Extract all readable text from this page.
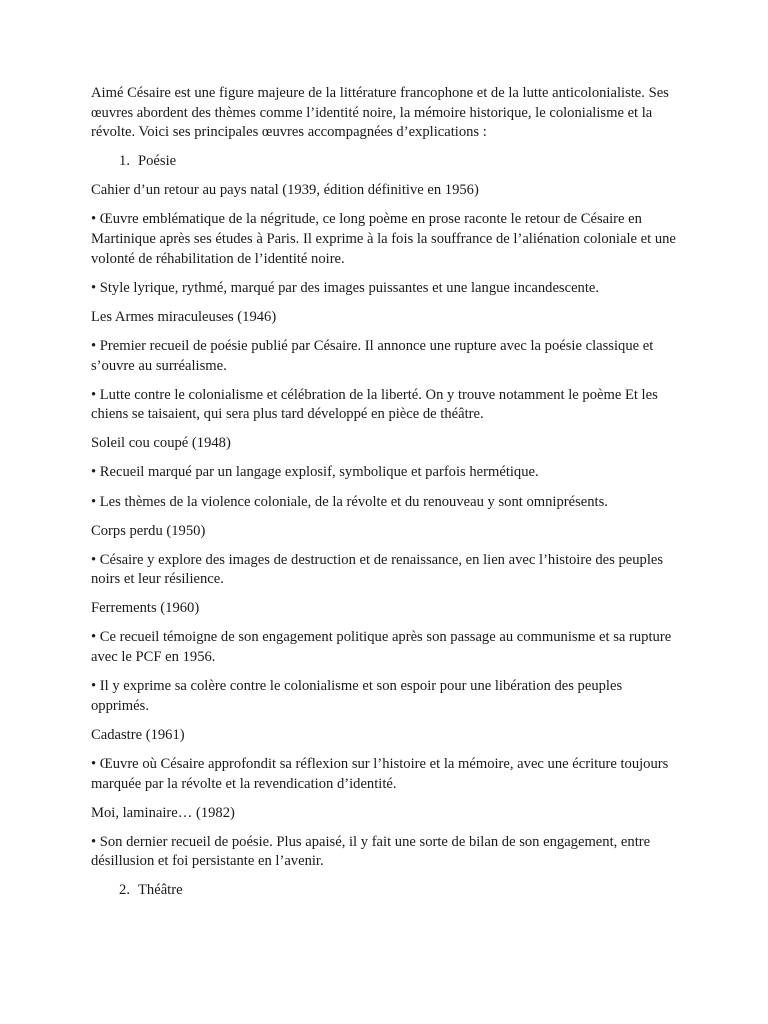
Aimé Césaire est une figure majeure de la littérature francophone et de la lutte anticolonialiste. Ses œuvres abordent des thèmes comme l’identité noire, la mémoire historique, le colonialisme et la révolte. Voici ses principales œuvres accompagnées d’explications :

1. Poésie

Cahier d’un retour au pays natal (1939, édition définitive en 1956)

• Œuvre emblématique de la négritude, ce long poème en prose raconte le retour de Césaire en Martinique après ses études à Paris. Il exprime à la fois la souffrance de l’aliénation coloniale et une volonté de réhabilitation de l’identité noire.

• Style lyrique, rythmé, marqué par des images puissantes et une langue incandescente.

Les Armes miraculeuses (1946)

• Premier recueil de poésie publié par Césaire. Il annonce une rupture avec la poésie classique et s’ouvre au surréalisme.

• Lutte contre le colonialisme et célébration de la liberté. On y trouve notamment le poème Et les chiens se taisaient, qui sera plus tard développé en pièce de théâtre.

Soleil cou coupé (1948)

• Recueil marqué par un langage explosif, symbolique et parfois hermétique.

• Les thèmes de la violence coloniale, de la révolte et du renouveau y sont omniprésents.

Corps perdu (1950)

• Césaire y explore des images de destruction et de renaissance, en lien avec l’histoire des peuples noirs et leur résilience.

Ferrements (1960)

• Ce recueil témoigne de son engagement politique après son passage au communisme et sa rupture avec le PCF en 1956.

• Il y exprime sa colère contre le colonialisme et son espoir pour une libération des peuples opprimés.

Cadastre (1961)

• Œuvre où Césaire approfondit sa réflexion sur l’histoire et la mémoire, avec une écriture toujours marquée par la révolte et la revendication d’identité.

Moi, laminaire… (1982)

• Son dernier recueil de poésie. Plus apaisé, il y fait une sorte de bilan de son engagement, entre désillusion et foi persistante en l’avenir.

2. Théâtre
